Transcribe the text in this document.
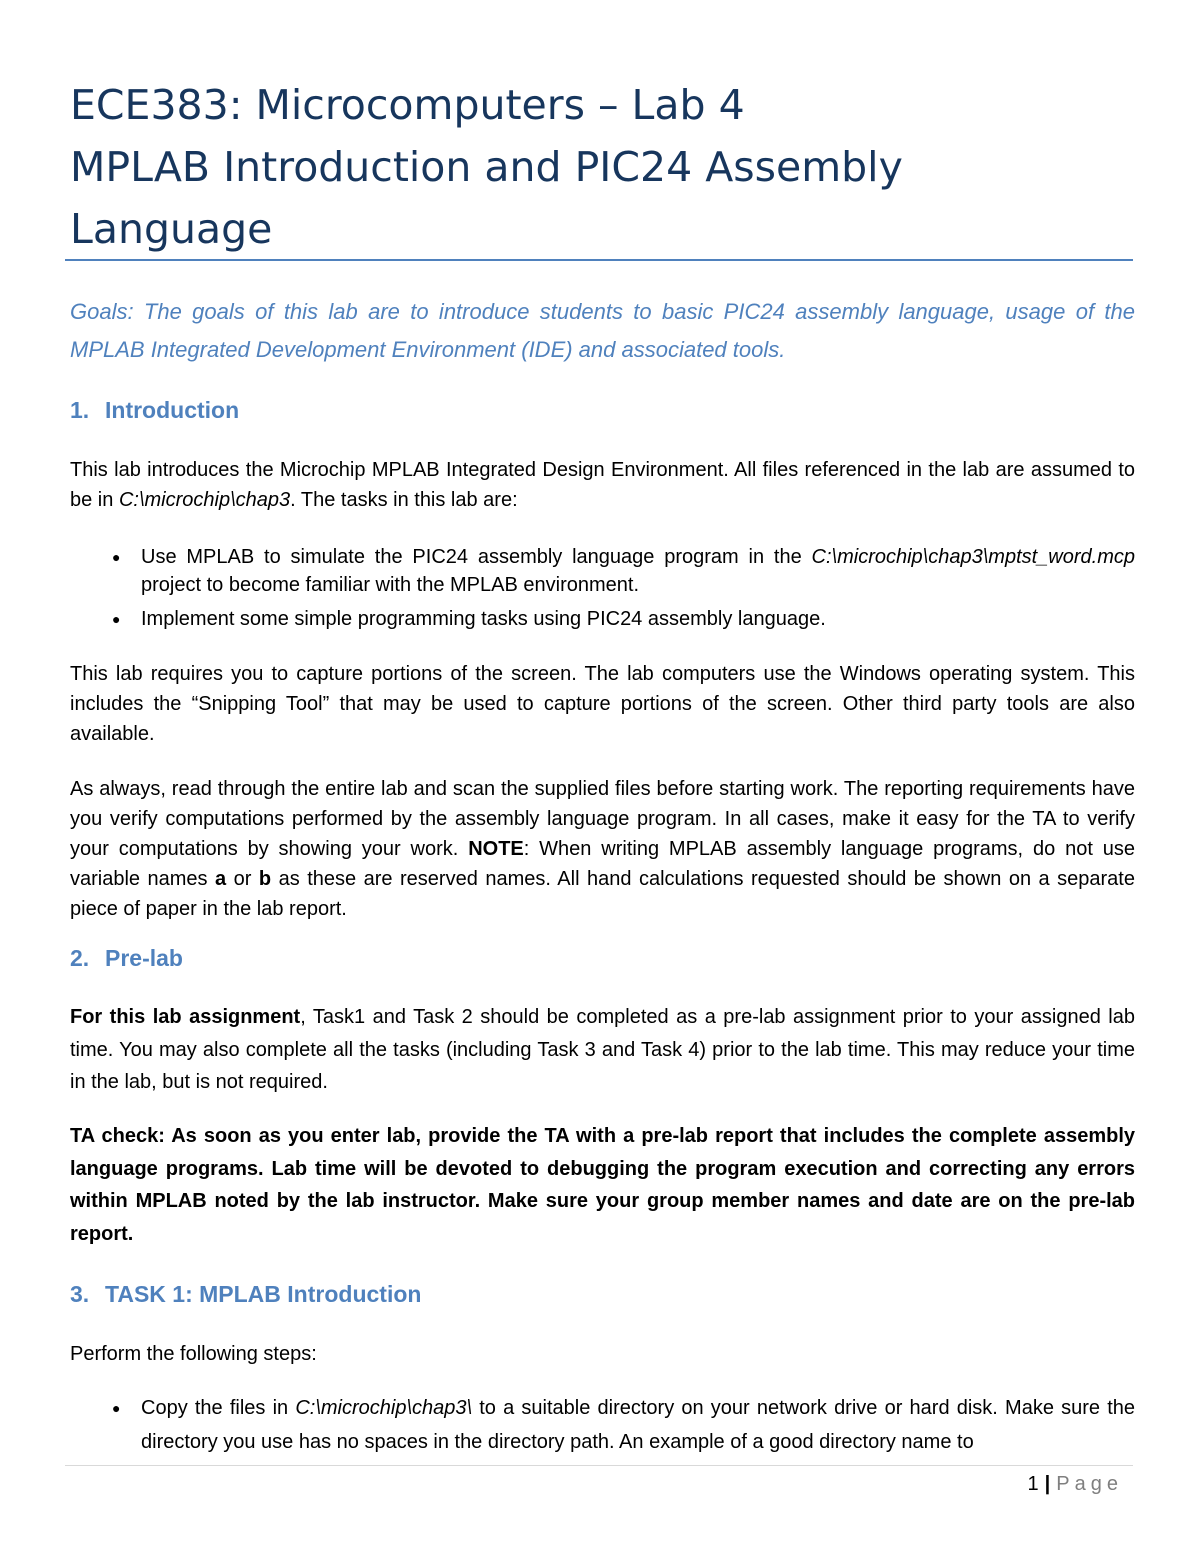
ECE383: Microcomputers – Lab 4
MPLAB Introduction and PIC24 Assembly
Language

Goals: The goals of this lab are to introduce students to basic PIC24 assembly language, usage of the MPLAB Integrated Development Environment (IDE) and associated tools.

1. Introduction

This lab introduces the Microchip MPLAB Integrated Design Environment. All files referenced in the lab are assumed to be in C:\microchip\chap3. The tasks in this lab are:

● Use MPLAB to simulate the PIC24 assembly language program in the C:\microchip\chap3\mptst_word.mcp project to become familiar with the MPLAB environment.
● Implement some simple programming tasks using PIC24 assembly language.

This lab requires you to capture portions of the screen. The lab computers use the Windows operating system. This includes the “Snipping Tool” that may be used to capture portions of the screen. Other third party tools are also available.

As always, read through the entire lab and scan the supplied files before starting work. The reporting requirements have you verify computations performed by the assembly language program. In all cases, make it easy for the TA to verify your computations by showing your work. NOTE: When writing MPLAB assembly language programs, do not use variable names a or b as these are reserved names. All hand calculations requested should be shown on a separate piece of paper in the lab report.

2. Pre-lab

For this lab assignment, Task1 and Task 2 should be completed as a pre-lab assignment prior to your assigned lab time. You may also complete all the tasks (including Task 3 and Task 4) prior to the lab time. This may reduce your time in the lab, but is not required.

TA check: As soon as you enter lab, provide the TA with a pre-lab report that includes the complete assembly language programs. Lab time will be devoted to debugging the program execution and correcting any errors within MPLAB noted by the lab instructor. Make sure your group member names and date are on the pre-lab report.

3. TASK 1: MPLAB Introduction

Perform the following steps:

● Copy the files in C:\microchip\chap3\ to a suitable directory on your network drive or hard disk. Make sure the directory you use has no spaces in the directory path. An example of a good directory name to
1 | Page
